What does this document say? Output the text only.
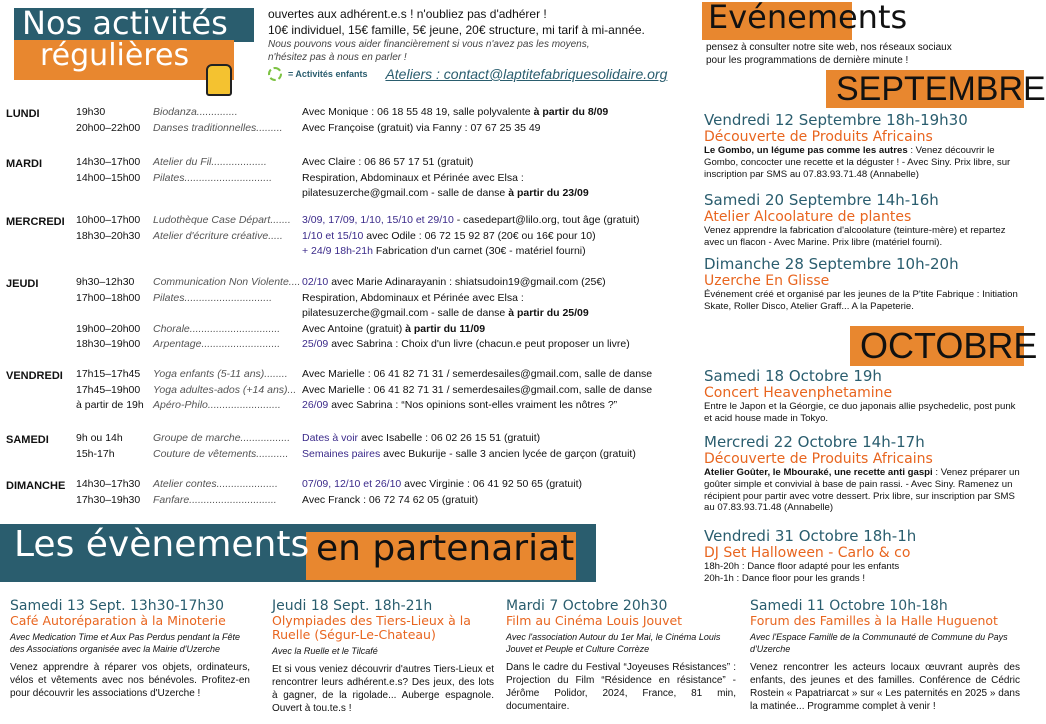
Nos activités
régulières
ouvertes aux adhérent.e.s ! n'oubliez pas d'adhérer !
10€ individuel, 15€ famille, 5€ jeune, 20€ structure, mi tarif à mi-année.
Nous pouvons vous aider financièrement si vous n'avez pas les moyens,
n'hésitez pas à nous en parler !
= Activités enfants Ateliers : contact@laptitefabriquesolidaire.org
LUNDI	19h30	Biodanza..............	Avec Monique : 06 18 55 48 19, salle polyvalente à partir du 8/09
20h00–22h00 Danses traditionnelles......... Avec Françoise (gratuit) via Fanny : 07 67 25 35 49
MARDI	14h30–17h00 Atelier du Fil...................	Avec Claire : 06 86 57 17 51 (gratuit)
14h00–15h00 Pilates..............................	Respiration, Abdominaux et Périnée avec Elsa :
pilatesuzerche@gmail.com - salle de danse à partir du 23/09
MERCREDI 10h00–17h00 Ludothèque Case Départ....... 3/09, 17/09, 1/10, 15/10 et 29/10 - casedepart@lilo.org, tout âge (gratuit)
18h30–20h30 Atelier d'écriture créative..... 1/10 et 15/10 avec Odile : 06 72 15 92 87 (20€ ou 16€ pour 10)
+ 24/9 18h-21h Fabrication d'un carnet (30€ - matériel fourni)
JEUDI	9h30–12h30 Communication Non Violente.... 02/10 avec Marie Adinarayanin : shiatsudoin19@gmail.com (25€)
17h00–18h00 Pilates..............................	Respiration, Abdominaux et Périnée avec Elsa :
pilatesuzerche@gmail.com - salle de danse à partir du 25/09
19h00–20h00 Chorale............................... Avec Antoine (gratuit) à partir du 11/09
18h30–19h00 Arpentage........................... 25/09 avec Sabrina : Choix d'un livre (chacun.e peut proposer un livre)
VENDREDI 17h15–17h45 Yoga enfants (5-11 ans)........ Avec Marielle : 06 41 82 71 31 / semerdesailes@gmail.com, salle de danse
17h45–19h00 Yoga adultes-ados (+14 ans)... Avec Marielle : 06 41 82 71 31 / semerdesailes@gmail.com, salle de danse
à partir de 19h Apéro-Philo......................... 26/09 avec Sabrina : “Nos opinions sont-elles vraiment les nôtres ?”
SAMEDI	9h ou 14h	Groupe de marche................. Dates à voir avec Isabelle : 06 02 26 15 51 (gratuit)
15h-17h	Couture de vêtements........... Semaines paires avec Bukurije - salle 3 ancien lycée de garçon (gratuit)
DIMANCHE 14h30–17h30 Atelier contes..................... 07/09, 12/10 et 26/10 avec Virginie : 06 41 92 50 65 (gratuit)
17h30–19h30 Fanfare.............................. Avec Franck : 06 72 74 62 05 (gratuit)
Evénements
pensez à consulter notre site web, nos réseaux sociaux
pour les programmations de dernière minute !
SEPTEMBRE
OCTOBRE
Vendredi 12 Septembre 18h-19h30
Découverte de Produits Africains
Le Gombo, un légume pas comme les autres : Venez découvrir le Gombo, concocter une recette et la déguster ! - Avec Siny. Prix libre, sur inscription par SMS au 07.83.93.71.48 (Annabelle)
Samedi 20 Septembre 14h-16h
Atelier Alcoolature de plantes
Venez apprendre la fabrication d'alcoolature (teinture-mère) et repartez avec un flacon - Avec Marine. Prix libre (matériel fourni).
Dimanche 28 Septembre 10h-20h
Uzerche En Glisse
Événement créé et organisé par les jeunes de la P'tite Fabrique : Initiation Skate, Roller Disco, Atelier Graff... A la Papeterie.
Samedi 18 Octobre 19h
Concert Heavenphetamine
Entre le Japon et la Géorgie, ce duo japonais allie psychedelic, post punk et acid house made in Tokyo.
Mercredi 22 Octobre 14h-17h
Découverte de Produits Africains
Atelier Goûter, le Mbouraké, une recette anti gaspi : Venez préparer un goûter simple et convivial à base de pain rassi. - Avec Siny. Ramenez un récipient pour partir avec votre dessert. Prix libre, sur inscription par SMS au 07.83.93.71.48 (Annabelle)
Vendredi 31 Octobre 18h-1h
DJ Set Halloween - Carlo & co
18h-20h : Dance floor adapté pour les enfants
20h-1h : Dance floor pour les grands !
Les évènements en partenariat
Samedi 13 Sept. 13h30-17h30
Café Autoréparation à la Minoterie
Avec Medication Time et Aux Pas Perdus pendant la Fête des Associations organisée avec la Mairie d'Uzerche
Venez apprendre à réparer vos objets, ordinateurs, vélos et vêtements avec nos bénévoles. Profitez-en pour découvrir les associations d'Uzerche !
Jeudi 18 Sept. 18h-21h
Olympiades des Tiers-Lieux à la Ruelle (Ségur-Le-Chateau)
Avec la Ruelle et le Tilcafé
Et si vous veniez découvrir d'autres Tiers-Lieux et rencontrer leurs adhérent.e.s? Des jeux, des lots à gagner, de la rigolade... Auberge espagnole. Ouvert à tou.te.s !
Mardi 7 Octobre 20h30
Film au Cinéma Louis Jouvet
Avec l'association Autour du 1er Mai, le Cinéma Louis Jouvet et Peuple et Culture Corrèze
Dans le cadre du Festival “Joyeuses Résistances” : Projection du Film “Résidence en résistance” - Jérôme Polidor, 2024, France, 81 min, documentaire.
Samedi 11 Octobre 10h-18h
Forum des Familles à la Halle Huguenot
Avec l'Espace Famille de la Communauté de Commune du Pays d'Uzerche
Venez rencontrer les acteurs locaux œuvrant auprès des enfants, des jeunes et des familles. Conférence de Cédric Rostein « Papatriarcat » sur « Les paternités en 2025 » dans la matinée... Programme complet à venir !
